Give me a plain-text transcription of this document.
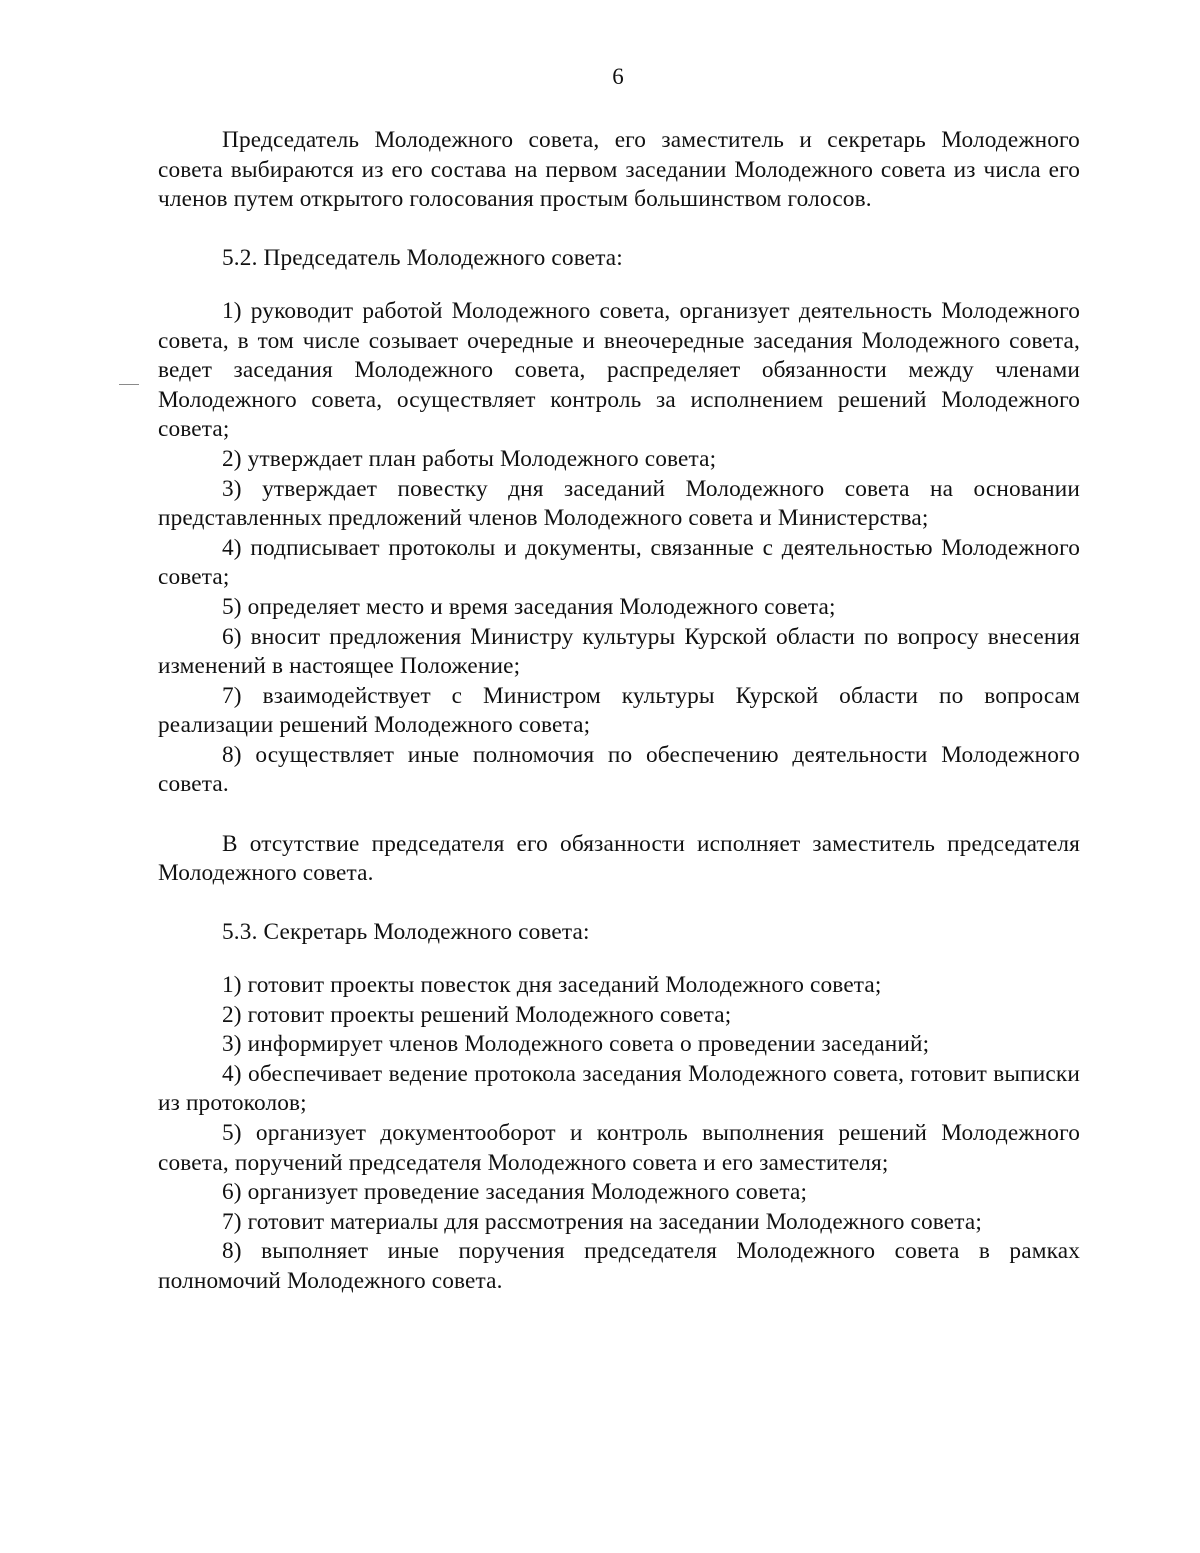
6

Председатель Молодежного совета, его заместитель и секретарь Молодежного совета выбираются из его состава на первом заседании Молодежного совета из числа его членов путем открытого голосования простым большинством голосов.

5.2. Председатель Молодежного совета:

1) руководит работой Молодежного совета, организует деятельность Молодежного совета, в том числе созывает очередные и внеочередные заседания Молодежного совета, ведет заседания Молодежного совета, распределяет обязанности между членами Молодежного совета, осуществляет контроль за исполнением решений Молодежного совета;

2) утверждает план работы Молодежного совета;

3) утверждает повестку дня заседаний Молодежного совета на основании представленных предложений членов Молодежного совета и Министерства;

4) подписывает протоколы и документы, связанные с деятельностью Молодежного совета;

5) определяет место и время заседания Молодежного совета;

6) вносит предложения Министру культуры Курской области по вопросу внесения изменений в настоящее Положение;

7) взаимодействует с Министром культуры Курской области по вопросам реализации решений Молодежного совета;

8) осуществляет иные полномочия по обеспечению деятельности Молодежного совета.

В отсутствие председателя его обязанности исполняет заместитель председателя Молодежного совета.

5.3. Секретарь Молодежного совета:

1) готовит проекты повесток дня заседаний Молодежного совета;

2) готовит проекты решений Молодежного совета;

3) информирует членов Молодежного совета о проведении заседаний;

4) обеспечивает ведение протокола заседания Молодежного совета, готовит выписки из протоколов;

5) организует документооборот и контроль выполнения решений Молодежного совета, поручений председателя Молодежного совета и его заместителя;

6) организует проведение заседания Молодежного совета;

7) готовит материалы для рассмотрения на заседании Молодежного совета;

8) выполняет иные поручения председателя Молодежного совета в рамках полномочий Молодежного совета.
